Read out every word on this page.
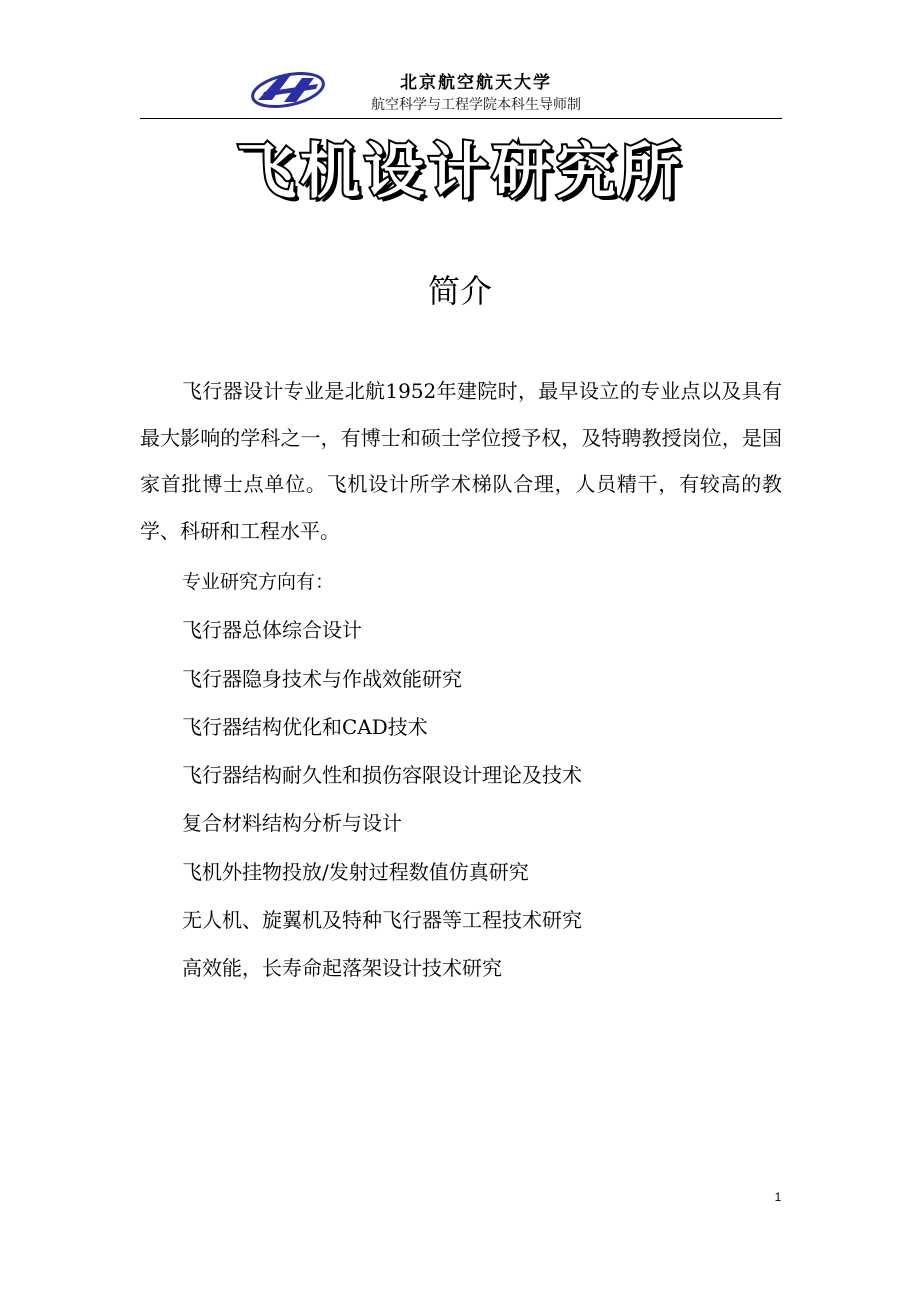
北京航空航天大学
航空科学与工程学院本科生导师制
飞机设计研究所
简介

飞行器设计专业是北航1952年建院时，最早设立的专业点以及具有最大影响的学科之一，有博士和硕士学位授予权，及特聘教授岗位，是国家首批博士点单位。飞机设计所学术梯队合理，人员精干，有较高的教学、科研和工程水平。

专业研究方向有：
飞行器总体综合设计
飞行器隐身技术与作战效能研究
飞行器结构优化和CAD技术
飞行器结构耐久性和损伤容限设计理论及技术
复合材料结构分析与设计
飞机外挂物投放/发射过程数值仿真研究
无人机、旋翼机及特种飞行器等工程技术研究
高效能，长寿命起落架设计技术研究
1
